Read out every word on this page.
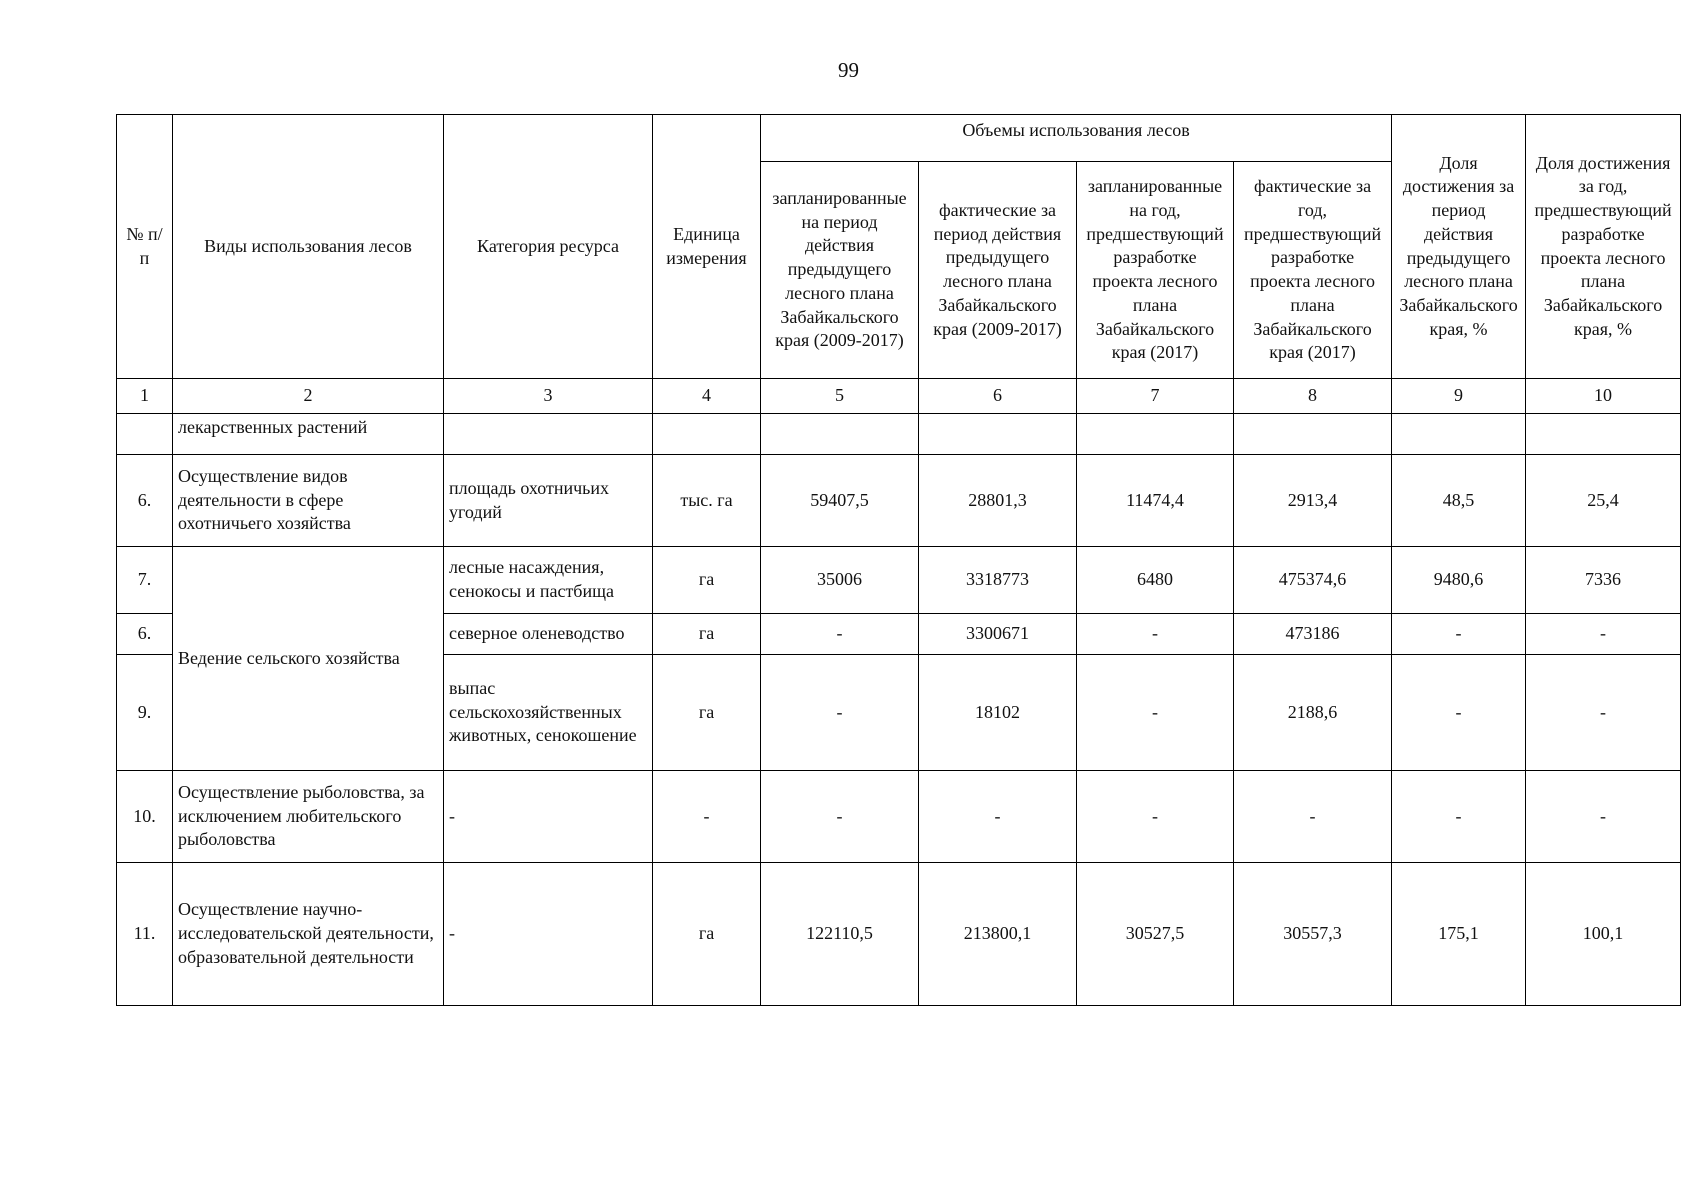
99
№ п/п	Виды использования лесов	Категория ресурса	Единица измерения	Объемы использования лесов				Доля достижения за период действия предыдущего лесного плана Забайкальского края, %	Доля достижения за год, предшествующий разработке проекта лесного плана Забайкальского края, %
				запланированные на период действия предыдущего лесного плана Забайкальского края (2009-2017)	фактические за период действия предыдущего лесного плана Забайкальского края (2009-2017)	запланированные на год, предшествующий разработке проекта лесного плана Забайкальского края (2017)	фактические за год, предшествующий разработке проекта лесного плана Забайкальского края (2017)		
1	2	3	4	5	6	7	8	9	10
	лекарственных растений								
6.	Осуществление видов деятельности в сфере охотничьего хозяйства	площадь охотничьих угодий	тыс. га	59407,5	28801,3	11474,4	2913,4	48,5	25,4
7.	Ведение сельского хозяйства	лесные насаждения, сенокосы и пастбища	га	35006	3318773	6480	475374,6	9480,6	7336
6.		северное оленеводство	га	-	3300671	-	473186	-	-
9.		выпас сельскохозяйственных животных, сенокошение	га	-	18102	-	2188,6	-	-
10.	Осуществление рыболовства, за исключением любительского рыболовства	-	-	-	-	-	-	-	-
11.	Осуществление научно-исследовательской деятельности, образовательной деятельности	-	га	122110,5	213800,1	30527,5	30557,3	175,1	100,1
